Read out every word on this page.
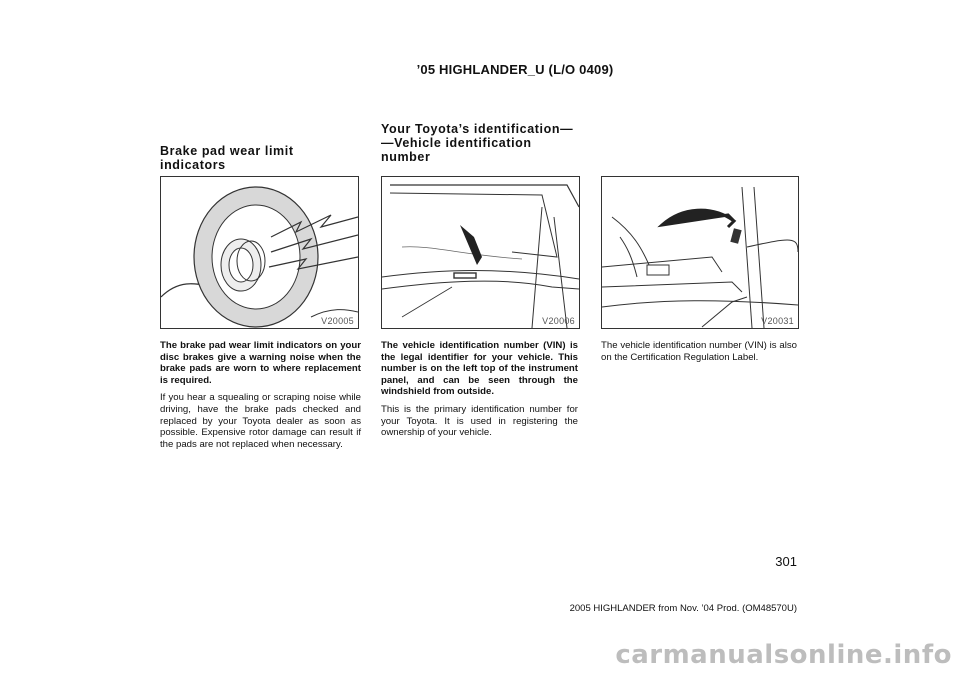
’05 HIGHLANDER_U (L/O 0409)
Brake pad wear limit
indicators
V20005

The brake pad wear limit indicators on your disc brakes give a warning noise when the brake pads are worn to where replacement is required.

If you hear a squealing or scraping noise while driving, have the brake pads checked and replaced by your Toyota dealer as soon as possible. Expensive rotor damage can result if the pads are not replaced when necessary.

Your Toyota’s identification—
—Vehicle identification
number
V20006

The vehicle identification number (VIN) is the legal identifier for your vehicle. This number is on the left top of the instrument panel, and can be seen through the windshield from outside.

This is the primary identification number for your Toyota. It is used in registering the ownership of your vehicle.

V20031

The vehicle identification number (VIN) is also on the Certification Regulation Label.

301
2005 HIGHLANDER from Nov. ’04 Prod. (OM48570U)
carmanualsonline.info
